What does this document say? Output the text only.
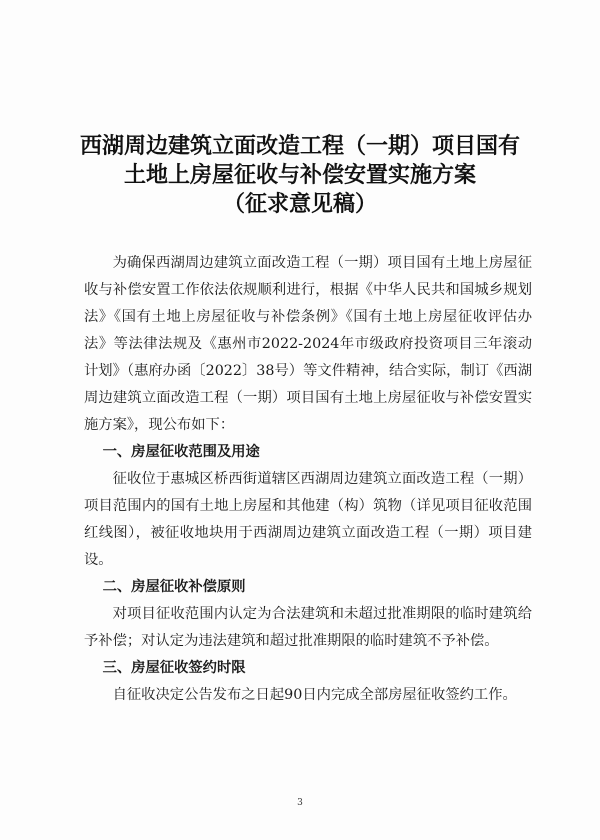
西湖周边建筑立面改造工程（一期）项目国有
土地上房屋征收与补偿安置实施方案
（征求意见稿）

为确保西湖周边建筑立面改造工程（一期）项目国有土地上房屋征收与补偿安置工作依法依规顺利进行，根据《中华人民共和国城乡规划法》《国有土地上房屋征收与补偿条例》《国有土地上房屋征收评估办法》等法律法规及《惠州市2022-2024年市级政府投资项目三年滚动计划》（惠府办函〔2022〕38号）等文件精神，结合实际，制订《西湖周边建筑立面改造工程（一期）项目国有土地上房屋征收与补偿安置实施方案》，现公布如下：

一、房屋征收范围及用途

征收位于惠城区桥西街道辖区西湖周边建筑立面改造工程（一期）项目范围内的国有土地上房屋和其他建（构）筑物（详见项目征收范围红线图），被征收地块用于西湖周边建筑立面改造工程（一期）项目建设。

二、房屋征收补偿原则

对项目征收范围内认定为合法建筑和未超过批准期限的临时建筑给予补偿；对认定为违法建筑和超过批准期限的临时建筑不予补偿。

三、房屋征收签约时限

自征收决定公告发布之日起90日内完成全部房屋征收签约工作。

3
